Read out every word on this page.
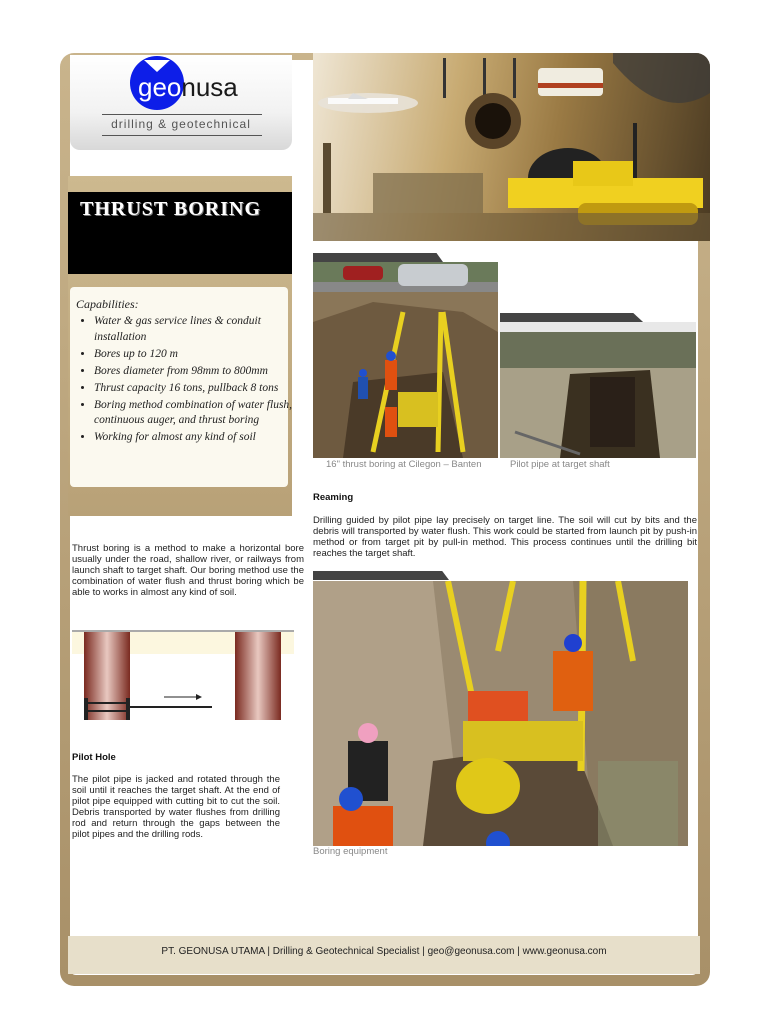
geonusa
drilling & geotechnical
THRUST BORING
Capabilities:
• Water & gas service lines & conduit installation
• Bores up to 120 m
• Bores diameter from 98mm to 800mm
• Thrust capacity 16 tons, pullback 8 tons
• Boring method combination of water flush, continuous auger, and thrust boring
• Working for almost any kind of soil
Thrust boring is a method to make a horizontal bore usually under the road, shallow river, or railways from launch shaft to target shaft. Our boring method use the combination of water flush and thrust boring which be able to works in almost any kind of soil.
Pilot Hole
The pilot pipe is jacked and rotated through the soil until it reaches the target shaft. At the end of pilot pipe equipped with cutting bit to cut the soil. Debris transported by water flushes from drilling rod and return through the gaps between the pilot pipes and the drilling rods.
16" thrust boring at Cilegon – Banten	Pilot pipe at target shaft
Reaming
Drilling guided by pilot pipe lay precisely on target line. The soil will cut by bits and the debris will transported by water flush. This work could be started from launch pit by push-in method or from target pit by pull-in method. This process continues until the drilling bit reaches the target shaft.
Boring equipment
PT. GEONUSA UTAMA | Drilling & Geotechnical Specialist | geo@geonusa.com | www.geonusa.com
